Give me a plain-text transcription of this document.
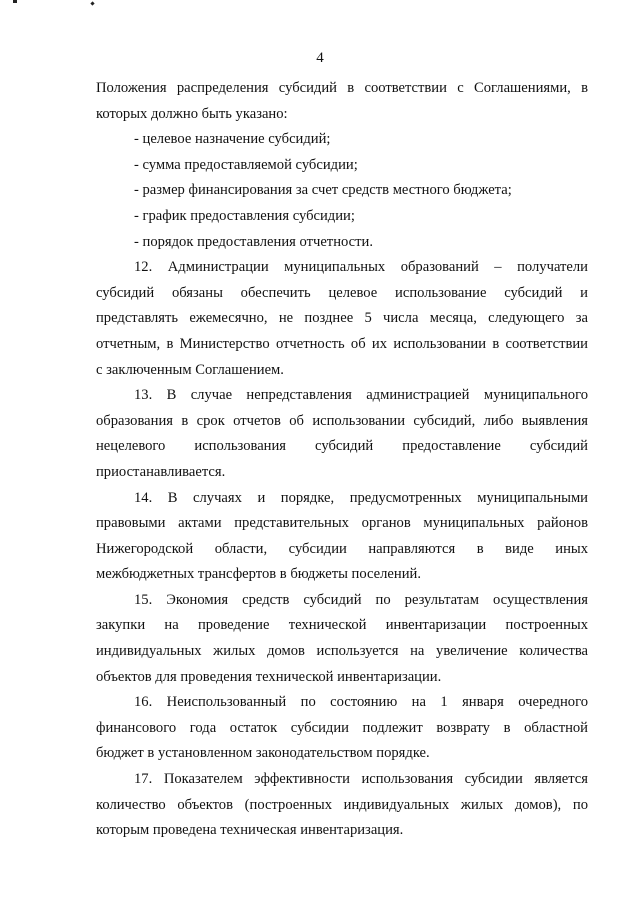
4
Положения распределения субсидий в соответствии с Соглашениями, в
которых должно быть указано:
- целевое назначение субсидий;
- сумма предоставляемой субсидии;
- размер финансирования за счет средств местного бюджета;
- график предоставления субсидии;
- порядок предоставления отчетности.
12. Администрации муниципальных образований – получатели
субсидий обязаны обеспечить целевое использование субсидий и
представлять ежемесячно, не позднее 5 числа месяца, следующего за
отчетным, в Министерство отчетность об их использовании в соответствии
с заключенным Соглашением.
13. В случае непредставления администрацией муниципального
образования в срок отчетов об использовании субсидий, либо выявления
нецелевого использования субсидий предоставление субсидий
приостанавливается.
14. В случаях и порядке, предусмотренных муниципальными
правовыми актами представительных органов муниципальных районов
Нижегородской области, субсидии направляются в виде иных
межбюджетных трансфертов в бюджеты поселений.
15. Экономия средств субсидий по результатам осуществления
закупки на проведение технической инвентаризации построенных
индивидуальных жилых домов используется на увеличение количества
объектов для проведения технической инвентаризации.
16. Неиспользованный по состоянию на 1 января очередного
финансового года остаток субсидии подлежит возврату в областной
бюджет в установленном законодательством порядке.
17. Показателем эффективности использования субсидии является
количество объектов (построенных индивидуальных жилых домов), по
которым проведена техническая инвентаризация.
